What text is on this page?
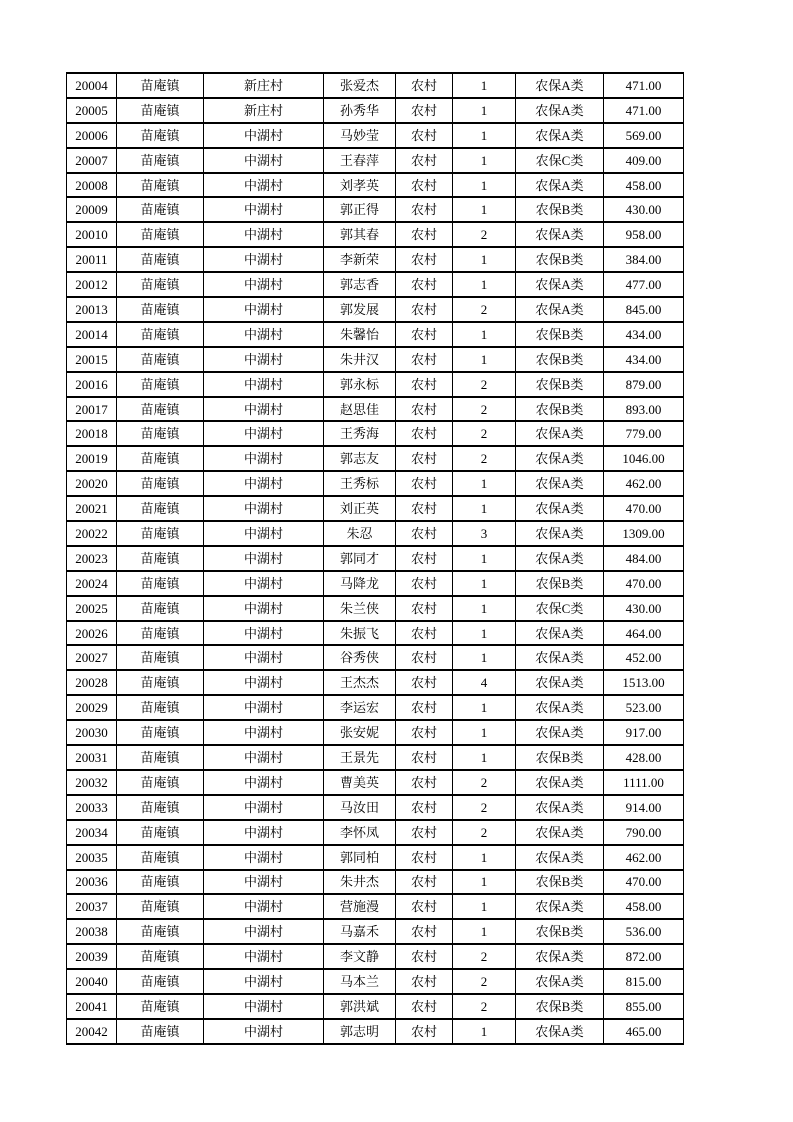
20004	苗庵镇	新庄村	张爱杰	农村	1	农保A类	471.00
20005	苗庵镇	新庄村	孙秀华	农村	1	农保A类	471.00
20006	苗庵镇	中湖村	马妙莹	农村	1	农保A类	569.00
20007	苗庵镇	中湖村	王春萍	农村	1	农保C类	409.00
20008	苗庵镇	中湖村	刘孝英	农村	1	农保A类	458.00
20009	苗庵镇	中湖村	郭正得	农村	1	农保B类	430.00
20010	苗庵镇	中湖村	郭其春	农村	2	农保A类	958.00
20011	苗庵镇	中湖村	李新荣	农村	1	农保B类	384.00
20012	苗庵镇	中湖村	郭志香	农村	1	农保A类	477.00
20013	苗庵镇	中湖村	郭发展	农村	2	农保A类	845.00
20014	苗庵镇	中湖村	朱馨怡	农村	1	农保B类	434.00
20015	苗庵镇	中湖村	朱井汉	农村	1	农保B类	434.00
20016	苗庵镇	中湖村	郭永标	农村	2	农保B类	879.00
20017	苗庵镇	中湖村	赵思佳	农村	2	农保B类	893.00
20018	苗庵镇	中湖村	王秀海	农村	2	农保A类	779.00
20019	苗庵镇	中湖村	郭志友	农村	2	农保A类	1046.00
20020	苗庵镇	中湖村	王秀标	农村	1	农保A类	462.00
20021	苗庵镇	中湖村	刘正英	农村	1	农保A类	470.00
20022	苗庵镇	中湖村	朱忍	农村	3	农保A类	1309.00
20023	苗庵镇	中湖村	郭同才	农村	1	农保A类	484.00
20024	苗庵镇	中湖村	马降龙	农村	1	农保B类	470.00
20025	苗庵镇	中湖村	朱兰侠	农村	1	农保C类	430.00
20026	苗庵镇	中湖村	朱振飞	农村	1	农保A类	464.00
20027	苗庵镇	中湖村	谷秀侠	农村	1	农保A类	452.00
20028	苗庵镇	中湖村	王杰杰	农村	4	农保A类	1513.00
20029	苗庵镇	中湖村	李运宏	农村	1	农保A类	523.00
20030	苗庵镇	中湖村	张安妮	农村	1	农保A类	917.00
20031	苗庵镇	中湖村	王景先	农村	1	农保B类	428.00
20032	苗庵镇	中湖村	曹美英	农村	2	农保A类	1111.00
20033	苗庵镇	中湖村	马汝田	农村	2	农保A类	914.00
20034	苗庵镇	中湖村	李怀凤	农村	2	农保A类	790.00
20035	苗庵镇	中湖村	郭同柏	农村	1	农保A类	462.00
20036	苗庵镇	中湖村	朱井杰	农村	1	农保B类	470.00
20037	苗庵镇	中湖村	营施漫	农村	1	农保A类	458.00
20038	苗庵镇	中湖村	马嘉禾	农村	1	农保B类	536.00
20039	苗庵镇	中湖村	李文静	农村	2	农保A类	872.00
20040	苗庵镇	中湖村	马本兰	农村	2	农保A类	815.00
20041	苗庵镇	中湖村	郭洪斌	农村	2	农保B类	855.00
20042	苗庵镇	中湖村	郭志明	农村	1	农保A类	465.00
